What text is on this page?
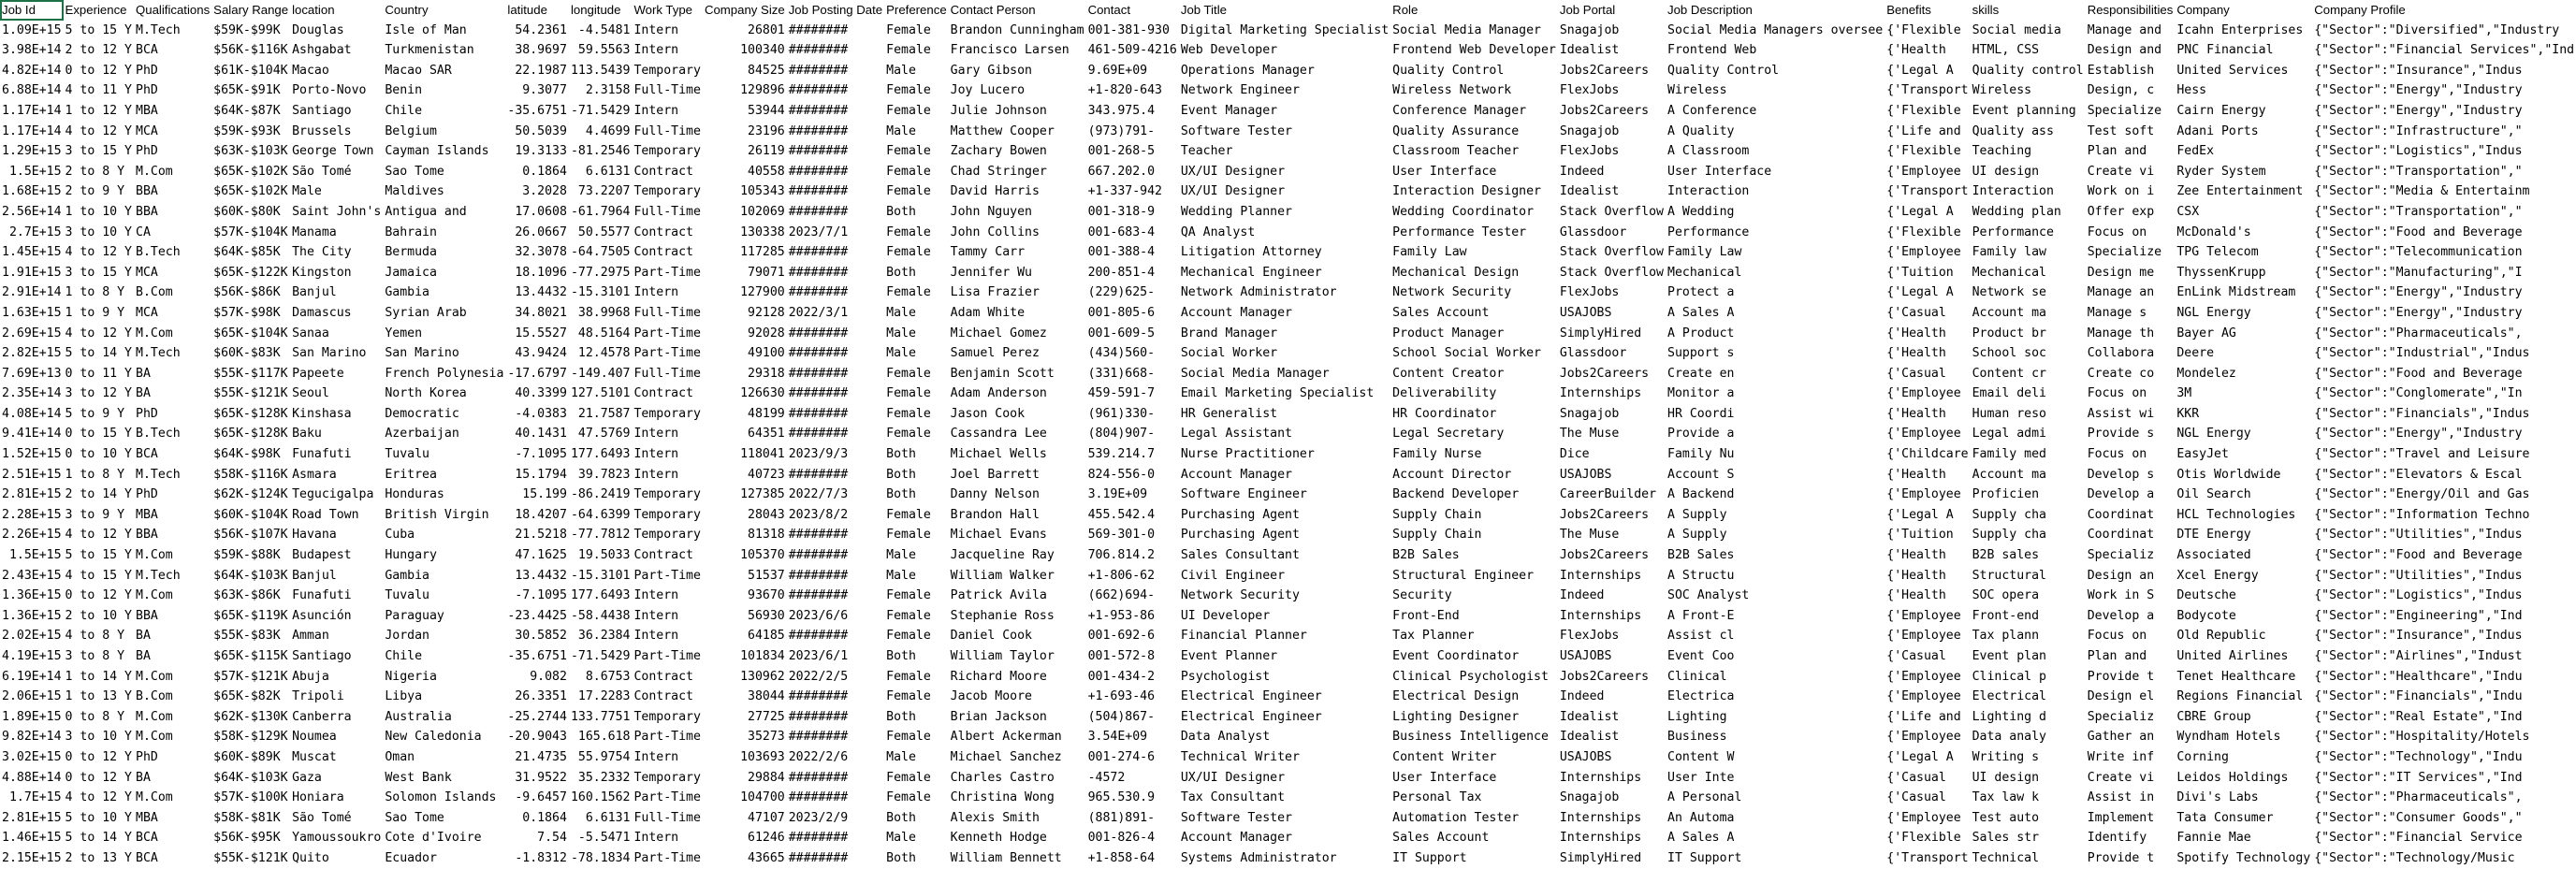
Job Id	Experience	Qualifications	Salary Range	location	Country	latitude	longitude	Work Type	Company Size	Job Posting Date	Preference	Contact Person	Contact	Job Title	Role	Job Portal	Job Description	Benefits	skills	Responsibilities	Company	Company Profile
1.09E+15	5 to 15 Y	M.Tech	$59K-$99K	Douglas	Isle of Man	54.2361	-4.5481	Intern	26801	########	Female	Brandon Cunningham	001-381-930	Digital Marketing Specialist	Social Media Manager	Snagajob	Social Media Managers oversee	{'Flexible	Social media	Manage and	Icahn Enterprises	{"Sector":"Diversified","Industry
3.98E+14	2 to 12 Y	BCA	$56K-$116K	Ashgabat	Turkmenistan	38.9697	59.5563	Intern	100340	########	Female	Francisco Larsen	461-509-4216	Web Developer	Frontend Web Developer	Idealist	Frontend Web	{'Health	HTML, CSS	Design and	PNC Financial	{"Sector":"Financial Services","Ind
4.82E+14	0 to 12 Y	PhD	$61K-$104K	Macao	Macao SAR	22.1987	113.5439	Temporary	84525	########	Male	Gary Gibson	9.69E+09	Operations Manager	Quality Control	Jobs2Careers	Quality Control	{'Legal A	Quality control	Establish	United Services	{"Sector":"Insurance","Indus
6.88E+14	4 to 11 Y	PhD	$65K-$91K	Porto-Novo	Benin	9.3077	2.3158	Full-Time	129896	########	Female	Joy Lucero	+1-820-643	Network Engineer	Wireless Network	FlexJobs	Wireless	{'Transport	Wireless	Design, c	Hess	{"Sector":"Energy","Industry
1.17E+14	1 to 12 Y	MBA	$64K-$87K	Santiago	Chile	-35.6751	-71.5429	Intern	53944	########	Female	Julie Johnson	343.975.4	Event Manager	Conference Manager	Jobs2Careers	A Conference	{'Flexible	Event planning	Specialize	Cairn Energy	{"Sector":"Energy","Industry
1.17E+14	4 to 12 Y	MCA	$59K-$93K	Brussels	Belgium	50.5039	4.4699	Full-Time	23196	########	Male	Matthew Cooper	(973)791-	Software Tester	Quality Assurance	Snagajob	A Quality	{'Life and	Quality ass	Test soft	Adani Ports	{"Sector":"Infrastructure","
1.29E+15	3 to 15 Y	PhD	$63K-$103K	George Town	Cayman Islands	19.3133	-81.2546	Temporary	26119	########	Female	Zachary Bowen	001-268-5	Teacher	Classroom Teacher	FlexJobs	A Classroom	{'Flexible	Teaching	Plan and	FedEx	{"Sector":"Logistics","Indus
1.5E+15	2 to 8 Y	M.Com	$65K-$102K	São Tomé	Sao Tome	0.1864	6.6131	Contract	40558	########	Female	Chad Stringer	667.202.0	UX/UI Designer	User Interface	Indeed	User Interface	{'Employee	UI design	Create vi	Ryder System	{"Sector":"Transportation","
1.68E+15	2 to 9 Y	BBA	$65K-$102K	Male	Maldives	3.2028	73.2207	Temporary	105343	########	Female	David Harris	+1-337-942	UX/UI Designer	Interaction Designer	Idealist	Interaction	{'Transport	Interaction	Work on i	Zee Entertainment	{"Sector":"Media & Entertainm
2.56E+14	1 to 10 Y	BBA	$60K-$80K	Saint John's	Antigua and	17.0608	-61.7964	Full-Time	102069	########	Both	John Nguyen	001-318-9	Wedding Planner	Wedding Coordinator	Stack Overflow	A Wedding	{'Legal A	Wedding plan	Offer exp	CSX	{"Sector":"Transportation","
2.7E+15	3 to 10 Y	CA	$57K-$104K	Manama	Bahrain	26.0667	50.5577	Contract	130338	2023/7/1	Female	John Collins	001-683-4	QA Analyst	Performance Tester	Glassdoor	Performance	{'Flexible	Performance	Focus on	McDonald's	{"Sector":"Food and Beverage
1.45E+15	4 to 12 Y	B.Tech	$64K-$85K	The City	Bermuda	32.3078	-64.7505	Contract	117285	########	Female	Tammy Carr	001-388-4	Litigation Attorney	Family Law	Stack Overflow	Family Law	{'Employee	Family law	Specialize	TPG Telecom	{"Sector":"Telecommunication
1.91E+15	3 to 15 Y	MCA	$65K-$122K	Kingston	Jamaica	18.1096	-77.2975	Part-Time	79071	########	Both	Jennifer Wu	200-851-4	Mechanical Engineer	Mechanical Design	Stack Overflow	Mechanical	{'Tuition	Mechanical	Design me	ThyssenKrupp	{"Sector":"Manufacturing","I
2.91E+14	1 to 8 Y	B.Com	$56K-$86K	Banjul	Gambia	13.4432	-15.3101	Intern	127900	########	Female	Lisa Frazier	(229)625-	Network Administrator	Network Security	FlexJobs	Protect a	{'Legal A	Network se	Manage an	EnLink Midstream	{"Sector":"Energy","Industry
1.63E+15	1 to 9 Y	MCA	$57K-$98K	Damascus	Syrian Arab	34.8021	38.9968	Full-Time	92128	2022/3/1	Male	Adam White	001-805-6	Account Manager	Sales Account	USAJOBS	A Sales A	{'Casual	Account ma	Manage s	NGL Energy	{"Sector":"Energy","Industry
2.69E+15	4 to 12 Y	M.Com	$65K-$104K	Sanaa	Yemen	15.5527	48.5164	Part-Time	92028	########	Male	Michael Gomez	001-609-5	Brand Manager	Product Manager	SimplyHired	A Product	{'Health	Product br	Manage th	Bayer AG	{"Sector":"Pharmaceuticals",
2.82E+15	5 to 14 Y	M.Tech	$60K-$83K	San Marino	San Marino	43.9424	12.4578	Part-Time	49100	########	Male	Samuel Perez	(434)560-	Social Worker	School Social Worker	Glassdoor	Support s	{'Health	School soc	Collabora	Deere	{"Sector":"Industrial","Indus
7.69E+13	0 to 11 Y	BA	$55K-$117K	Papeete	French Polynesia	-17.6797	-149.407	Full-Time	29318	########	Female	Benjamin Scott	(331)668-	Social Media Manager	Content Creator	Jobs2Careers	Create en	{'Casual	Content cr	Create co	Mondelez	{"Sector":"Food and Beverage
2.35E+14	3 to 12 Y	BA	$55K-$121K	Seoul	North Korea	40.3399	127.5101	Contract	126630	########	Female	Adam Anderson	459-591-7	Email Marketing Specialist	Deliverability	Internships	Monitor a	{'Employee	Email deli	Focus on	3M	{"Sector":"Conglomerate","In
4.08E+14	5 to 9 Y	PhD	$65K-$128K	Kinshasa	Democratic	-4.0383	21.7587	Temporary	48199	########	Female	Jason Cook	(961)330-	HR Generalist	HR Coordinator	Snagajob	HR Coordi	{'Health	Human reso	Assist wi	KKR	{"Sector":"Financials","Indus
9.41E+14	0 to 15 Y	B.Tech	$65K-$128K	Baku	Azerbaijan	40.1431	47.5769	Intern	64351	########	Female	Cassandra Lee	(804)907-	Legal Assistant	Legal Secretary	The Muse	Provide a	{'Employee	Legal admi	Provide s	NGL Energy	{"Sector":"Energy","Industry
1.52E+15	0 to 10 Y	BCA	$64K-$98K	Funafuti	Tuvalu	-7.1095	177.6493	Intern	118041	2023/9/3	Both	Michael Wells	539.214.7	Nurse Practitioner	Family Nurse	Dice	Family Nu	{'Childcare	Family med	Focus on	EasyJet	{"Sector":"Travel and Leisure
2.51E+15	1 to 8 Y	M.Tech	$58K-$116K	Asmara	Eritrea	15.1794	39.7823	Intern	40723	########	Both	Joel Barrett	824-556-0	Account Manager	Account Director	USAJOBS	Account S	{'Health	Account ma	Develop s	Otis Worldwide	{"Sector":"Elevators & Escal
2.81E+15	2 to 14 Y	PhD	$62K-$124K	Tegucigalpa	Honduras	15.199	-86.2419	Temporary	127385	2022/7/3	Both	Danny Nelson	3.19E+09	Software Engineer	Backend Developer	CareerBuilder	A Backend	{'Employee	Proficien	Develop a	Oil Search	{"Sector":"Energy/Oil and Gas
2.28E+15	3 to 9 Y	MBA	$60K-$104K	Road Town	British Virgin	18.4207	-64.6399	Temporary	28043	2023/8/2	Female	Brandon Hall	455.542.4	Purchasing Agent	Supply Chain	Jobs2Careers	A Supply	{'Legal A	Supply cha	Coordinat	HCL Technologies	{"Sector":"Information Techno
2.26E+15	4 to 12 Y	BBA	$56K-$107K	Havana	Cuba	21.5218	-77.7812	Temporary	81318	########	Female	Michael Evans	569-301-0	Purchasing Agent	Supply Chain	The Muse	A Supply	{'Tuition	Supply cha	Coordinat	DTE Energy	{"Sector":"Utilities","Indus
1.5E+15	5 to 15 Y	M.Com	$59K-$88K	Budapest	Hungary	47.1625	19.5033	Contract	105370	########	Male	Jacqueline Ray	706.814.2	Sales Consultant	B2B Sales	Jobs2Careers	B2B Sales	{'Health	B2B sales	Specializ	Associated	{"Sector":"Food and Beverage
2.43E+15	4 to 15 Y	M.Tech	$64K-$103K	Banjul	Gambia	13.4432	-15.3101	Part-Time	51537	########	Male	William Walker	+1-806-62	Civil Engineer	Structural Engineer	Internships	A Structu	{'Health	Structural	Design an	Xcel Energy	{"Sector":"Utilities","Indus
1.36E+15	0 to 12 Y	M.Com	$63K-$86K	Funafuti	Tuvalu	-7.1095	177.6493	Intern	93670	########	Female	Patrick Avila	(662)694-	Network Security	Security	Indeed	SOC Analyst	{'Health	SOC opera	Work in S	Deutsche	{"Sector":"Logistics","Indus
1.36E+15	2 to 10 Y	BBA	$65K-$119K	Asunción	Paraguay	-23.4425	-58.4438	Intern	56930	2023/6/6	Female	Stephanie Ross	+1-953-86	UI Developer	Front-End	Internships	A Front-E	{'Employee	Front-end	Develop a	Bodycote	{"Sector":"Engineering","Ind
2.02E+15	4 to 8 Y	BA	$55K-$83K	Amman	Jordan	30.5852	36.2384	Intern	64185	########	Female	Daniel Cook	001-692-6	Financial Planner	Tax Planner	FlexJobs	Assist cl	{'Employee	Tax plann	Focus on	Old Republic	{"Sector":"Insurance","Indus
4.19E+15	3 to 8 Y	BA	$65K-$115K	Santiago	Chile	-35.6751	-71.5429	Part-Time	101834	2023/6/1	Both	William Taylor	001-572-8	Event Planner	Event Coordinator	USAJOBS	Event Coo	{'Casual	Event plan	Plan and	United Airlines	{"Sector":"Airlines","Indust
6.19E+14	1 to 14 Y	M.Com	$57K-$121K	Abuja	Nigeria	9.082	8.6753	Contract	130962	2022/2/5	Female	Richard Moore	001-434-2	Psychologist	Clinical Psychologist	Jobs2Careers	Clinical	{'Employee	Clinical p	Provide t	Tenet Healthcare	{"Sector":"Healthcare","Indu
2.06E+15	1 to 13 Y	B.Com	$65K-$82K	Tripoli	Libya	26.3351	17.2283	Contract	38044	########	Female	Jacob Moore	+1-693-46	Electrical Engineer	Electrical Design	Indeed	Electrica	{'Employee	Electrical	Design el	Regions Financial	{"Sector":"Financials","Indu
1.89E+15	0 to 8 Y	M.Com	$62K-$130K	Canberra	Australia	-25.2744	133.7751	Temporary	27725	########	Both	Brian Jackson	(504)867-	Electrical Engineer	Lighting Designer	Idealist	Lighting	{'Life and	Lighting d	Specializ	CBRE Group	{"Sector":"Real Estate","Ind
9.82E+14	3 to 10 Y	M.Com	$58K-$129K	Noumea	New Caledonia	-20.9043	165.618	Part-Time	35273	########	Female	Albert Ackerman	3.54E+09	Data Analyst	Business Intelligence	Idealist	Business	{'Employee	Data analy	Gather an	Wyndham Hotels	{"Sector":"Hospitality/Hotels
3.02E+15	0 to 12 Y	PhD	$60K-$89K	Muscat	Oman	21.4735	55.9754	Intern	103693	2022/2/6	Male	Michael Sanchez	001-274-6	Technical Writer	Content Writer	USAJOBS	Content W	{'Legal A	Writing s	Write inf	Corning	{"Sector":"Technology","Indu
4.88E+14	0 to 12 Y	BA	$64K-$103K	Gaza	West Bank	31.9522	35.2332	Temporary	29884	########	Female	Charles Castro	-4572	UX/UI Designer	User Interface	Internships	User Inte	{'Casual	UI design	Create vi	Leidos Holdings	{"Sector":"IT Services","Ind
1.7E+15	4 to 12 Y	M.Com	$57K-$100K	Honiara	Solomon Islands	-9.6457	160.1562	Part-Time	104700	########	Female	Christina Wong	965.530.9	Tax Consultant	Personal Tax	Snagajob	A Personal	{'Casual	Tax law k	Assist in	Divi's Labs	{"Sector":"Pharmaceuticals",
2.81E+15	5 to 10 Y	MBA	$58K-$81K	São Tomé	Sao Tome	0.1864	6.6131	Full-Time	47107	2023/2/9	Both	Alexis Smith	(881)891-	Software Tester	Automation Tester	Internships	An Automa	{'Employee	Test auto	Implement	Tata Consumer	{"Sector":"Consumer Goods","
1.46E+15	5 to 14 Y	BCA	$56K-$95K	Yamoussoukro	Cote d'Ivoire	7.54	-5.5471	Intern	61246	########	Male	Kenneth Hodge	001-826-4	Account Manager	Sales Account	Internships	A Sales A	{'Flexible	Sales str	Identify	Fannie Mae	{"Sector":"Financial Service
2.15E+15	2 to 13 Y	BCA	$55K-$121K	Quito	Ecuador	-1.8312	-78.1834	Part-Time	43665	########	Both	William Bennett	+1-858-64	Systems Administrator	IT Support	SimplyHired	IT Support	{'Transport	Technical	Provide t	Spotify Technology	{"Sector":"Technology/Music
